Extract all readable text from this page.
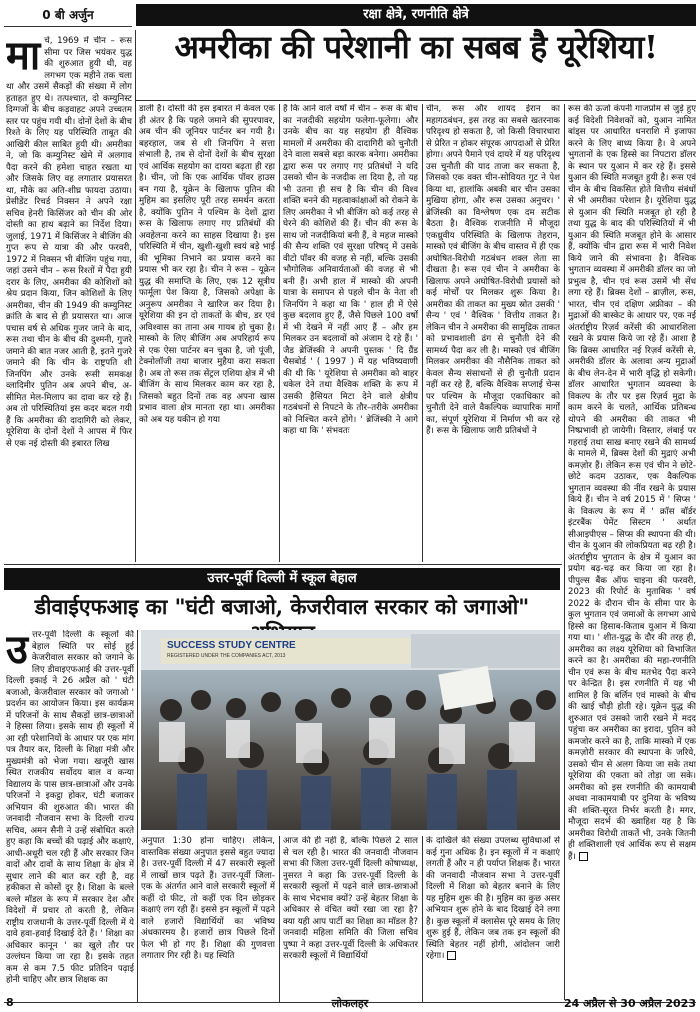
0 बी अर्जुन	रक्षा क्षेत्रे, रणनीति क्षेत्रे
अमरीका की परेशानी का सबब है यूरेशिया!
मार्च, 1969 में चीन – रूस सीमा पर जिस भयंकर युद्ध की शुरुआत हुयी थी, वह लगभग एक महीने तक चला था और उसमें सैकड़ों की संख्या में लोग हताहत हुए थे। तत्पश्चात, दो कम्युनिस्ट दिग्गजों के बीच कड़वाहट अपने उच्चतम स्तर पर पहुंच गयी थी। दोनों देशों के बीच रिश्ते के लिए यह परिस्थिति ताबूत की आखिरी कील साबित हुयी थी। अमरीका ने, जो कि कम्युनिस्ट खेमे में अलगाव पैदा करने की हमेशा चाहत रखता था और जिसके लिए वह लगातार प्रयासरत था, मौके का अति-शीघ्र फायदा उठाया। प्रेसीडेंट रिचर्ड निक्सन ने अपने रक्षा सचिव हेनरी किसिंजर को चीन की ओर दोस्ती का हाथ बढ़ाने का निर्देश दिया। जुलाई, 1971 में किसिंजर ने बीजिंग की गुप्त रूप से यात्रा की और फरवरी, 1972 में निक्सन भी बीजिंग पहुंच गया, जहां उसने चीन – रूस रिश्तों में पैदा हुयी दरार के लिए, अमरीका की कोशिशों को श्रेय प्रदान किया, जिन कोशिशों के लिए अमरीका, चीन की 1949 की कम्युनिस्ट क्रांति के बाद से ही प्रयासरत था। आज पचास वर्ष से अधिक गुजर जाने के बाद, रूस तथा चीन के बीच की दुश्मनी, गुजरे जमाने की बात नजर आती है, इतने गुजरे जमाने की कि चीन के राष्ट्रपति शी जिनपिंग और उनके रूसी समकक्ष व्लादिमीर पुतिन अब अपने बीच, अ-सीमित मेल-मिलाप का दावा कर रहे हैं। अब तो परिस्थितियां इस कदर बदल गयी हैं कि अमरीका की दादागिरी को लेकर, यूरेशिया के दोनों देशों ने आपस में फिर से एक नई दोस्ती की इबारत लिख
डाली है। दोस्ती की इस इबारत में केवल एक ही अंतर है कि पहले जमाने की सुपरपावर, अब चीन की जूनियर पार्टनर बन गयी है। बहरहाल, जब से शी जिनपिंग ने सत्ता संभाली है, तब से दोनों देशों के बीच सुरक्षा एवं आर्थिक सहयोग का दायरा बढ़ता ही रहा है। चीन, जो कि एक आर्थिक पॉवर हाउस बन गया है, यूक्रेन के खिलाफ पुतिन की मुहिम का इसलिए पूरी तरह समर्थन करता है, क्योंकि पुतिन ने पश्चिम के देशों द्वारा रूस के खिलाफ लगाए गए प्रतिबंधों की अवहेलना करने का साहस दिखाया है। इस परिस्थिति में चीन, खुशी-खुशी स्वयं बड़े भाई की भूमिका निभाने का प्रयास करने का प्रयास भी कर रहा है। चीन ने रूस – यूक्रेन युद्ध की समाप्ति के लिए, एक 12 सूत्रीय फार्मूला पेश किया है, जिसको अपेक्षा के अनुरूप अमरीका ने खारिज कर दिया है। यूरेशिया की इन दो ताकतों के बीच, डर एवं अविश्वास का ताना अब गायब हो चुका है। मास्को के लिए बीजिंग अब अपरिहार्य रूप से एक ऐसा पार्टनर बन चुका है, जो पूंजी, टेक्नोलॉजी तथा बाजार मुहैया करा सकता है। अब तो रूस तक सेंट्रल एशिया क्षेत्र में भी बीजिंग के साथ मिलकर काम कर रहा है, जिसको बहुत दिनों तक वह अपना खास प्रभाव वाला क्षेत्र मानता रहा था। अमरीका को अब यह यकीन हो गया
है कि आने वाले वर्षों में चीन – रूस के बीच का नजदीकी सहयोग फलेगा-फूलेगा। और उनके बीच का यह सहयोग ही वैश्विक मामलों में अमरीका की दादागिरी को चुनौती देने वाला सबसे बड़ा कारक बनेगा। अमरीका द्वारा रूस पर लगाए गए प्रतिबंधों ने यदि उसको चीन के नजदीक ला दिया है, तो यह भी उतना ही सच है कि चीन की विश्व शक्ति बनने की महत्वाकांक्षाओं को रोकने के लिए अमरीका ने भी बीजिंग को कई तरह से घेरने की कोशिशें की हैं। चीन की रूस के साथ जो नजदीकियां बनी हैं, वे महज मास्को की सैन्य शक्ति एवं सुरक्षा परिषद् में उसके वीटो पॉवर की वजह से नहीं, बल्कि उसकी भौगोलिक अनिवार्यताओं की वजह से भी बनी हैं। अभी हाल में मास्को की अपनी यात्रा के समापन से पहले चीन के नेता शी जिनपिंग ने कहा था कि ' हाल ही में ऐसे कुछ बदलाव हुए हैं, जैसे पिछले 100 वर्षों में भी देखने में नहीं आए हैं – और हम मिलकर उन बदलावों को अंजाम दे रहे हैं। ' जैड ब्रेजिंस्की ने अपनी पुस्तक ' दि ग्रैंड चैसबोर्ड ' ( 1997 ) में यह भविष्यवाणी की थी कि ' यूरेशिया से अमरीका को बाहर धकेल देने तथा वैश्विक शक्ति के रूप में उसकी हैसियत मिटा देने वाले क्षेत्रीय गठबंधनों से निपटने के तौर–तरीके अमरीका को निश्चित करने होंगे। ' ब्रेजिंस्की ने आगे कहा था कि ' संभवतः
चीन, रूस और शायद ईरान का महागठबंधन, इस तरह का सबसे खतरनाक परिदृश्य हो सकता है, जो किसी विचारधारा से प्रेरित न होकर संपूरक आपदाओं से प्रेरित होगा। अपने पैमाने एवं दायरे में यह परिदृश्य उस चुनौती की याद ताजा कर सकता है, जिसको एक वक्त चीन-सोवियत गुट ने पेश किया था, हालांकि अबकी बार चीन उसका मुखिया होगा, और रूस उसका अनुचर। ' ब्रेजिंस्की का विश्लेषण एक दम सटीक बैठता है। वैश्विक राजनीति में मौजूदा एकध्रुवीय परिस्थिति के खिलाफ तेहरान, मास्को एवं बीजिंग के बीच वास्तव में ही एक अघोषित-विरोधी गठबंधन शक्ल लेता सा दीखता है। रूस एवं चीन ने अमरीका के खिलाफ अपने अघोषित-विरोधी प्रयासों को कई मोर्चों पर मिलकर शुरू किया है। अमरीका की ताकत का मुख्य स्रोत उसकी ' सैन्य ' एवं ' वैश्विक ' वित्तीय ताकत है। लेकिन चीन ने अमरीका की सामुद्रिक ताकत को प्रभावशाली ढंग से चुनौती देने की सामर्थ्य पैदा कर ली है। मास्को एवं बीजिंग मिलकर अमरीका की नौसैनिक ताकत को केवल सैन्य संसाधनों से ही चुनौती प्रदान नहीं कर रहे हैं, बल्कि वैश्विक सप्लाई चेन्स पर पश्चिम के मौजूदा एकाधिकार को चुनौती देने वाले वैकल्पिक व्यापारिक मार्गों का, संपूर्ण यूरेशिया में निर्माण भी कर रहे हैं। रूस के खिलाफ जारी प्रतिबंधों ने
रूस की ऊर्जा कंपनी गाजप्रोम से जुड़े हुए कई विदेशी निवेशकों को, युआन नामित बांड्स पर आधारित धनराशि में इजाफा करने के लिए बाध्य किया है। वे अपने भुगतानों के एक हिस्से का निपटारा डॉलर के स्थान पर युआन में कर रहे हैं। इससे युआन की स्थिति मजबूत हुयी है। रूस एवं चीन के बीच विकसित होते वित्तीय संबंधों से भी अमरीका परेशान है। यूरेशिया युद्ध से युआन की स्थिति मजबूत हो रही है तथा युद्ध के बाद की परिस्थितियों में भी युआन की स्थिति मजबूत होने के आसार हैं, क्योंकि चीन द्वारा रूस में भारी निवेश किये जाने की संभावना है। वैश्विक भुगतान व्यवस्था में अमरीकी डॉलर का जो प्रभुत्व है, चीन एवं रूस उसमें भी सेंध लगा रहे हैं। ब्रिक्स देशों – ब्राज़ील, रूस, भारत, चीन एवं दक्षिण अफ्रीका – की मुद्राओं की बास्केट के आधार पर, एक नई अंतर्राष्ट्रीय रिज़र्व करेंसी की आधारशिला रखने के प्रयास किये जा रहे हैं। आशा है कि ब्रिक्स आधारित नई रिज़र्व करेंसी से, अमरीकी डॉलर के अलावा अन्य मुद्राओं के बीच लेन-देन में भारी वृद्धि हो सकेगी। डॉलर आधारित भुगतान व्यवस्था के विकल्प के तौर पर इस रिज़र्व मुद्रा के काम करने के चलते, आर्थिक प्रतिबन्ध थोपने की अमरीका की ताकत भी निष्प्रभावी हो जायेगी। विस्तार, लंबाई पर गहराई तथा साख बनाए रखने की सामर्थ्य के मामले में, ब्रिक्स देशों की मुद्राएं अभी कमज़ोर हैं। लेकिन रूस एवं चीन ने छोटे-छोटे कदम उठाकर, एक वैकल्पिक भुगतान व्यवस्था की नींव रखने के प्रयास किये हैं। चीन ने वर्ष 2015 में ' सिप्स ' के विकल्प के रूप में ' क्रॉस बॉर्डर इंटरबैंक पेमेंट सिस्टम ' अर्थात सीआइपीएस – सिप्स की स्थापना की थी। चीन के युआन की लोकप्रियता बढ़ रही है। अंतर्राष्ट्रीय भुगतान के क्षेत्र में युआन का प्रयोग बढ़-चढ़ कर किया जा रहा है। पीपुल्स बैंक ऑफ चाइना की फरवरी, 2023 की रिपोर्ट के मुताबिक ' वर्ष 2022 के दौरान चीन के सीमा पार के कुल भुगतान एवं जमाओं के लगभग आधे हिस्से का हिसाब-किताब युआन में किया गया था। ' शीत-युद्ध के दौर की तरह ही, अमरीका का लक्ष्य यूरेशिया को विभाजित करने का है। अमरीका की महा-रणनीति चीन एवं रूस के बीच मतभेद पैदा करने पर केन्द्रित है। इस रणनीति में यह भी शामिल है कि बर्लिन एवं मास्को के बीच की खाई चौड़ी होती रहे। यूक्रेन युद्ध की शुरुआत एवं उसको जारी रखने में मदद पहुंचा कर अमरीका का इरादा, पुतिन को कमजोर करने का है, ताकि मास्को में एक कमज़ोरी सरकार की स्थापना के जरिये, उसको चीन से अलग किया जा सके तथा यूरेशिया की एकता को तोड़ा जा सके। अमरीका को इस रणनीति की कामयाबी अथवा नाकामयाबी पर दुनिया के भविष्य की शक्ति-सूरत निर्भर करती है। मगर, मौजूदा सदर्भ की ख्वाहिश यह है कि अमरीका विरोधी ताकतें भी, उनके जितनी ही शक्तिशाली एवं आर्थिक रूप से सक्षम हैं।
उत्तर-पूर्वी दिल्ली में स्कूल बेहाल
डीवाईएफआइ का "घंटी बजाओ, केजरीवाल सरकार को जगाओ"
उत्तर-पूर्वी दिल्ली के स्कूलों की बेहाल स्थिति पर सोई हुई केजरीवाल सरकार को जगाने के लिए डीवाइएफआई की उत्तर-पूर्वी दिल्ली इकाई ने 26 अप्रैल को ' घंटी बजाओ, केजरीवाल सरकार को जगाओ ' प्रदर्शन का आयोजन किया। इस कार्यक्रम में परिजनों के साथ सैकड़ों छात्र-छात्राओं ने हिस्सा लिया। इसके साथ ही स्कूलों में आ रही परेशानियों के आधार पर एक मांग पत्र तैयार कर, दिल्ली के शिक्षा मंत्री और मुख्यमंत्री को भेजा गया। खजूरी खास स्थित राजकीय सर्वोदय बाल व कन्या विद्यालय के पास छात्र-छात्राओं और उनके परिजनों ने इकट्ठा होकर, घंटी बजाकर अभियान की शुरुआत की। भारत की जनवादी नौजवान सभा के दिल्ली राज्य सचिव, अमन सैनी ने उन्हें संबोधित करते हुए कहा कि बच्चों की पढ़ाई और कक्षाएं, आधी-अधूरी चल रही हैं और सरकार जिन वादों और दावों के साथ शिक्षा के क्षेत्र में सुधार लाने की बात कर रही है, वह हकीकत से कोसों दूर है। शिक्षा के बल्ले बल्ले मॉडल के रूप में सरकार देश और विदेशों में प्रचार तो करती है, लेकिन राष्ट्रीय राजधानी के उत्तर-पूर्वी दिल्ली में ये दावे हवा-हवाई दिखाई देते हैं। ' शिक्षा का अधिकार कानून ' का खुले तौर पर उल्लंघन किया जा रहा है। इसके तहत कम से कम 7.5 फीट प्रतिदिन पढ़ाई होनी चाहिए और छात्र शिक्षक का
SUCCESS STUDY CENTRE
REGISTERED UNDER THE COMPANIES ACT, 2013
अनुपात 1:30 होना चाहिए। लेकिन, वास्तविक संख्या अनुपात इससे बहुत ज्यादा है। उत्तर-पूर्वी दिल्ली में 47 सरकारी स्कूलों में लाखों छात्र पढ़ते हैं। उत्तर-पूर्वी जिला-एक के अंतर्गत आने वाले सरकारी स्कूलों में कहीं दो फीट, तो कहीं एक दिन छोड़कर कक्षाएं लग रही हैं। इससे इन स्कूलों में पढ़ने वाले हजारों विद्यार्थियों का भविष्य अंधकारमय है। हजारों छात्र पिछले दिनों फेल भी हो गए हैं। शिक्षा की गुणवत्ता लगातार गिर रही है। यह स्थिति
आज की ही नहीं है, बल्कि पिछले 2 साल से चल रही है। भारत की जनवादी नौजवान सभा की जिला उत्तर-पूर्वी दिल्ली कोषाध्यक्ष, नुसरत ने कहा कि उत्तर-पूर्वी दिल्ली के सरकारी स्कूलों में पढ़ने वाले छात्र-छात्राओं के साथ भेदभाव क्यों? उन्हें बेहतर शिक्षा के अधिकार से वंचित क्यों रखा जा रहा है? क्या यही आप पार्टी का शिक्षा का मॉडल है? जनवादी महिला समिति की जिला सचिव पुष्पा ने कहा उत्तर-पूर्वी दिल्ली के अधिकतर सरकारी स्कूलों में विद्यार्थियों
के दाखिले की संख्या उपलब्ध सुविधाओं से कई गुना अधिक है। इन स्कूलों में न कक्षाएं लगती हैं और न ही पर्याप्त शिक्षक हैं। भारत की जनवादी नौजवान सभा ने उत्तर-पूर्वी दिल्ली में शिक्षा को बेहतर बनाने के लिए यह मुहिम शुरू की है। मुहिम का कुछ असर अभियान शुरू होने के बाद दिखाई देने लगा है। कुछ स्कूलों में क्लासेस पूरे समय के लिए शुरू हुई हैं, लेकिन जब तक इन स्कूलों की स्थिति बेहतर नहीं होगी, आंदोलन जारी रहेगा।
8	लोकलहर	24 अप्रैल से 30 अप्रैल 2023
